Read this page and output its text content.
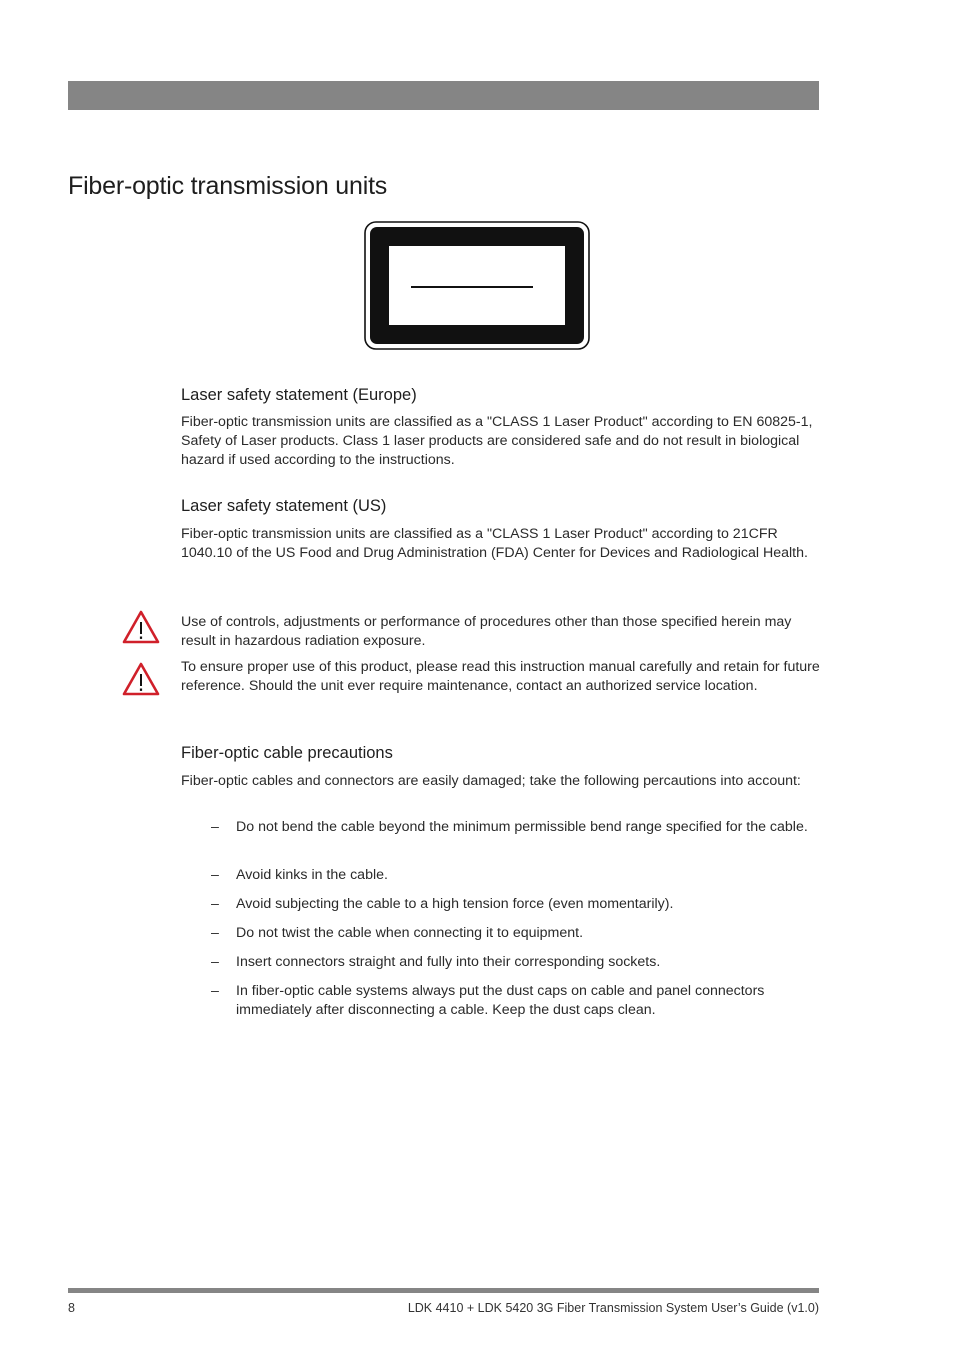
Fiber-optic transmission units
Laser safety statement (Europe)

Fiber-optic transmission units are classified as a "CLASS 1 Laser Product" according to EN 60825-1, Safety of Laser products. Class 1 laser products are considered safe and do not result in biological hazard if used according to the instructions.

Laser safety statement (US)

Fiber-optic transmission units are classified as a "CLASS 1 Laser Product" according to 21CFR 1040.10 of the US Food and Drug Administration (FDA) Center for Devices and Radiological Health.

Use of controls, adjustments or performance of procedures other than those specified herein may result in hazardous radiation exposure.

To ensure proper use of this product, please read this instruction manual carefully and retain for future reference. Should the unit ever require maintenance, contact an authorized service location.

Fiber-optic cable precautions

Fiber-optic cables and connectors are easily damaged; take the following percautions into account:

– Do not bend the cable beyond the minimum permissible bend range specified for the cable.
– Avoid kinks in the cable.
– Avoid subjecting the cable to a high tension force (even momentarily).
– Do not twist the cable when connecting it to equipment.
– Insert connectors straight and fully into their corresponding sockets.
– In fiber-optic cable systems always put the dust caps on cable and panel connectors immediately after disconnecting a cable. Keep the dust caps clean.
8	LDK 4410 + LDK 5420 3G Fiber Transmission System User’s Guide (v1.0)
